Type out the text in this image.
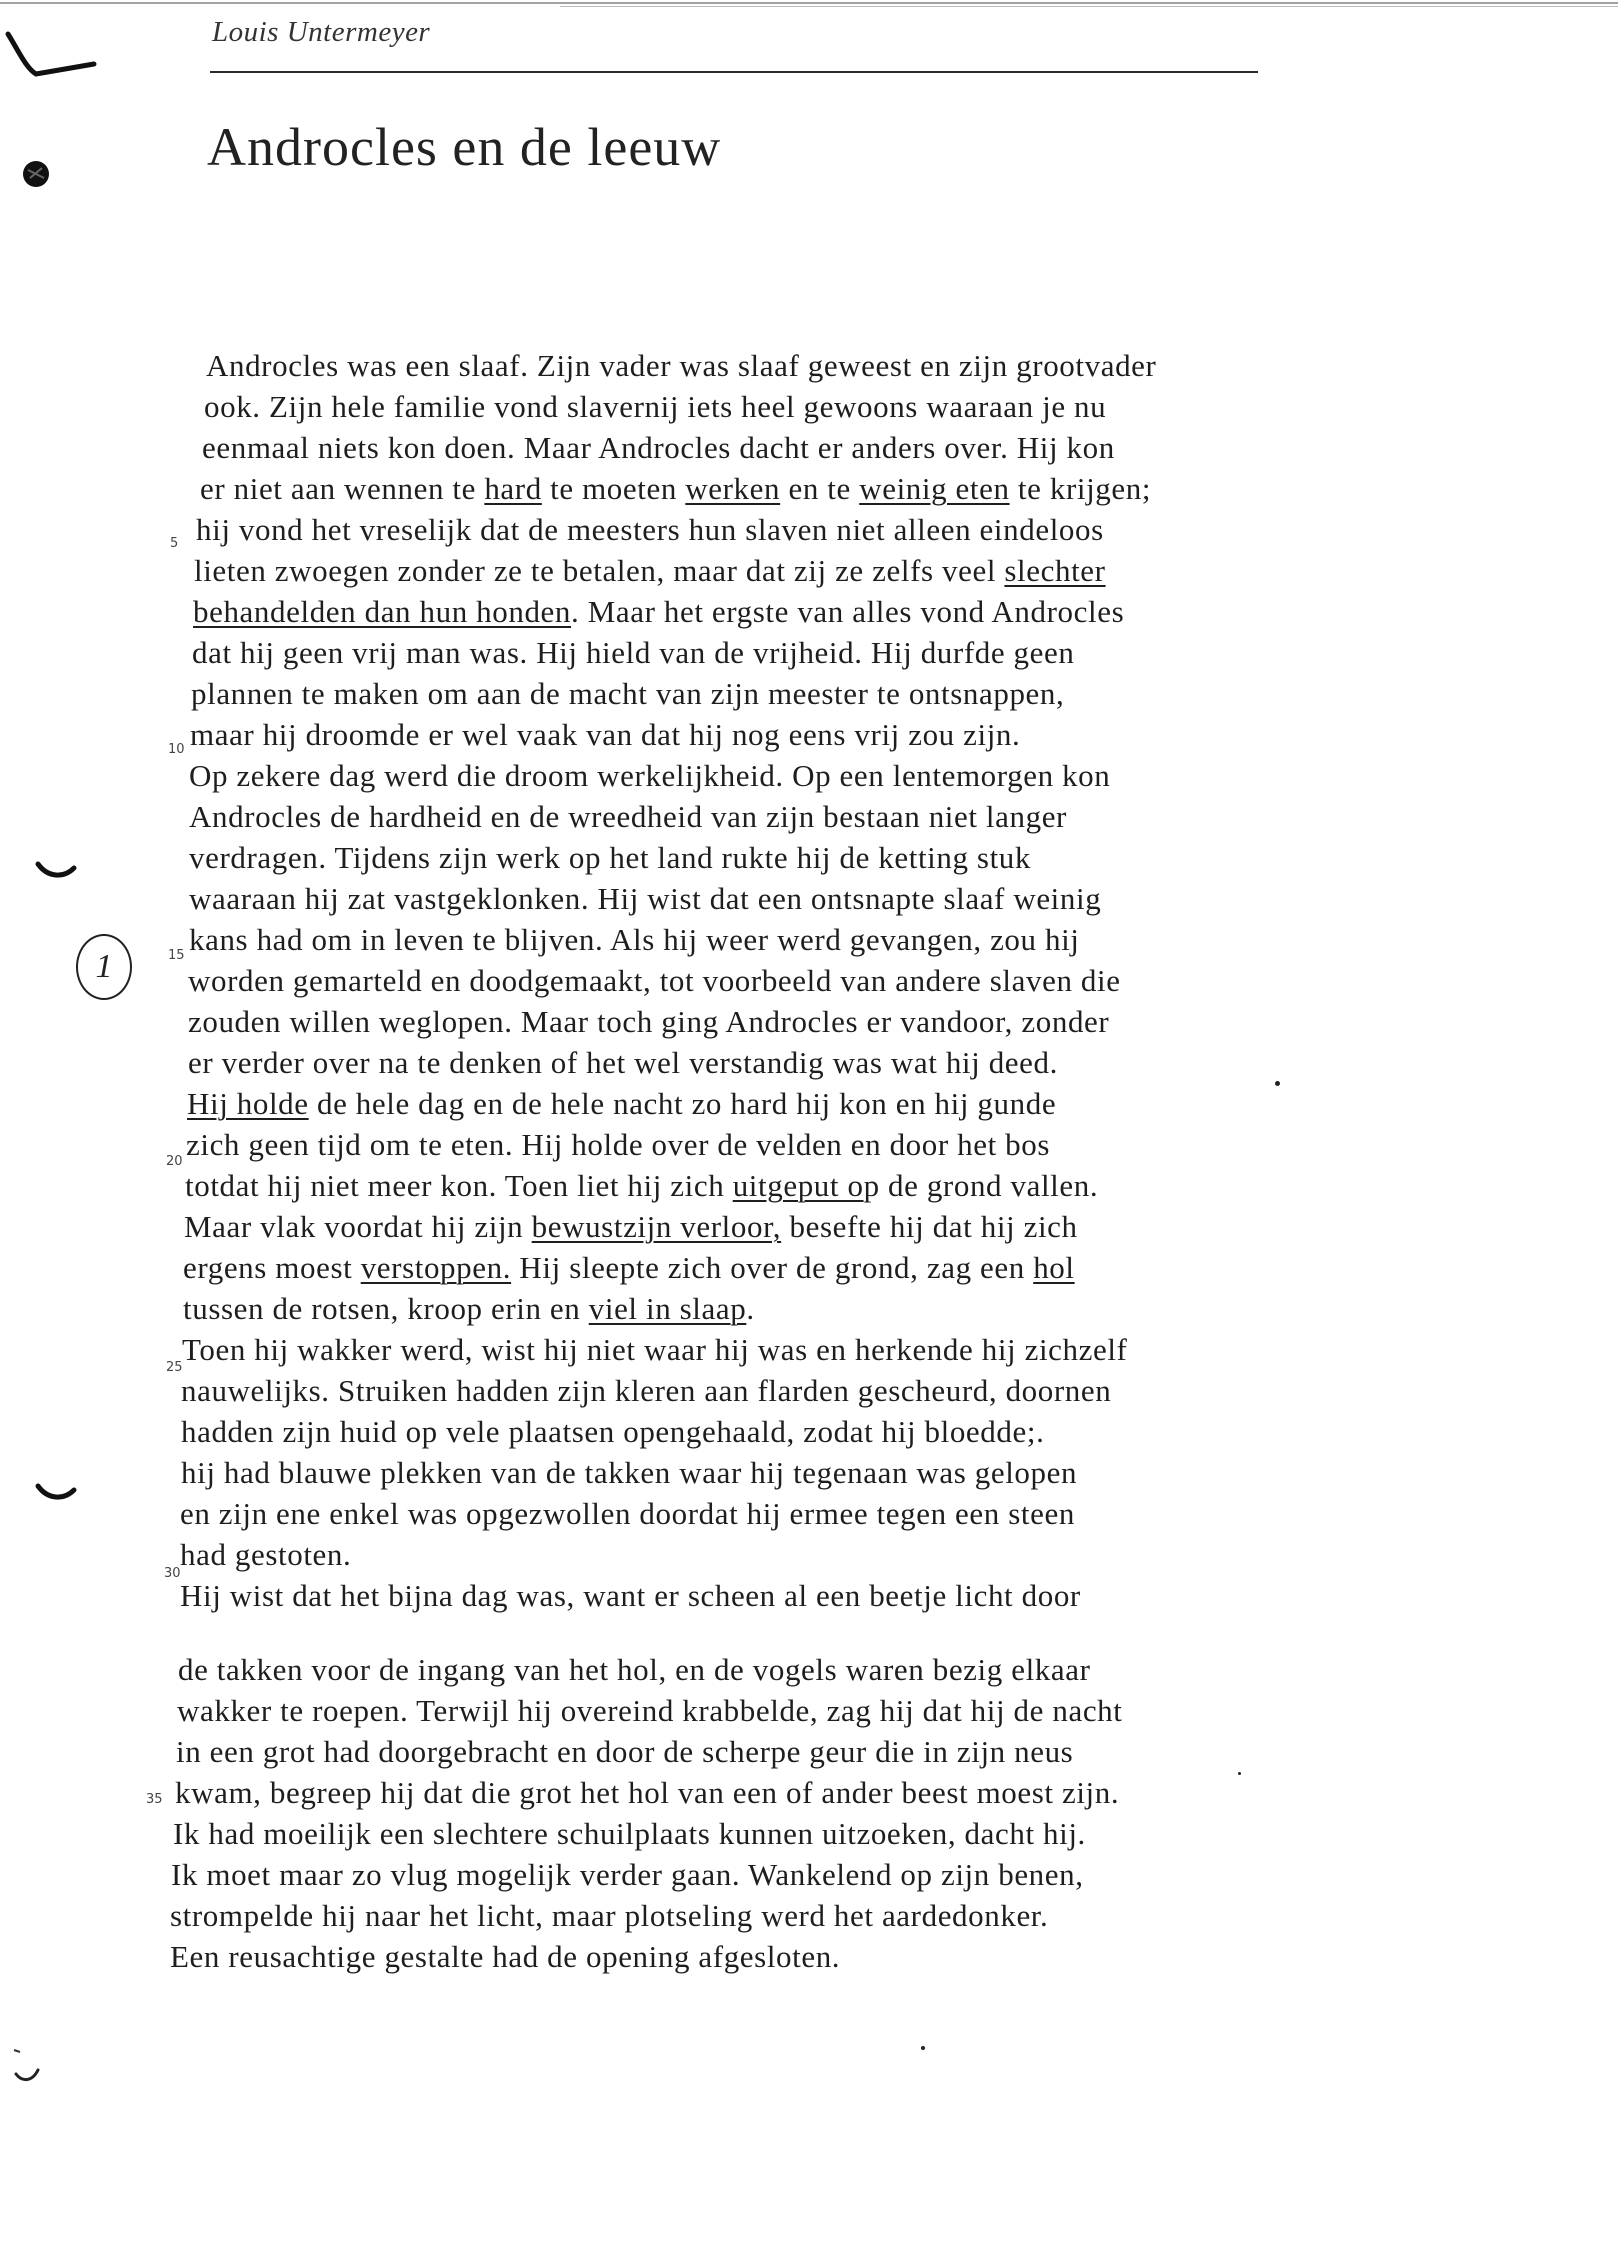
Louis Untermeyer
Androcles en de leeuw
1
5
10
15
20
25
30
35
Androcles was een slaaf. Zijn vader was slaaf geweest en zijn grootvader
ook. Zijn hele familie vond slavernij iets heel gewoons waaraan je nu
eenmaal niets kon doen. Maar Androcles dacht er anders over. Hij kon
er niet aan wennen te hard te moeten werken en te weinig eten te krijgen;
hij vond het vreselijk dat de meesters hun slaven niet alleen eindeloos
lieten zwoegen zonder ze te betalen, maar dat zij ze zelfs veel slechter
behandelden dan hun honden. Maar het ergste van alles vond Androcles
dat hij geen vrij man was. Hij hield van de vrijheid. Hij durfde geen
plannen te maken om aan de macht van zijn meester te ontsnappen,
maar hij droomde er wel vaak van dat hij nog eens vrij zou zijn.
Op zekere dag werd die droom werkelijkheid. Op een lentemorgen kon
Androcles de hardheid en de wreedheid van zijn bestaan niet langer
verdragen. Tijdens zijn werk op het land rukte hij de ketting stuk
waaraan hij zat vastgeklonken. Hij wist dat een ontsnapte slaaf weinig
kans had om in leven te blijven. Als hij weer werd gevangen, zou hij
worden gemarteld en doodgemaakt, tot voorbeeld van andere slaven die
zouden willen weglopen. Maar toch ging Androcles er vandoor, zonder
er verder over na te denken of het wel verstandig was wat hij deed.
Hij holde de hele dag en de hele nacht zo hard hij kon en hij gunde
zich geen tijd om te eten. Hij holde over de velden en door het bos
totdat hij niet meer kon. Toen liet hij zich uitgeput op de grond vallen.
Maar vlak voordat hij zijn bewustzijn verloor, besefte hij dat hij zich
ergens moest verstoppen. Hij sleepte zich over de grond, zag een hol
tussen de rotsen, kroop erin en viel in slaap.
Toen hij wakker werd, wist hij niet waar hij was en herkende hij zichzelf
nauwelijks. Struiken hadden zijn kleren aan flarden gescheurd, doornen
hadden zijn huid op vele plaatsen opengehaald, zodat hij bloedde;.
hij had blauwe plekken van de takken waar hij tegenaan was gelopen
en zijn ene enkel was opgezwollen doordat hij ermee tegen een steen
had gestoten.
Hij wist dat het bijna dag was, want er scheen al een beetje licht door
de takken voor de ingang van het hol, en de vogels waren bezig elkaar
wakker te roepen. Terwijl hij overeind krabbelde, zag hij dat hij de nacht
in een grot had doorgebracht en door de scherpe geur die in zijn neus
kwam, begreep hij dat die grot het hol van een of ander beest moest zijn.
Ik had moeilijk een slechtere schuilplaats kunnen uitzoeken, dacht hij.
Ik moet maar zo vlug mogelijk verder gaan. Wankelend op zijn benen,
strompelde hij naar het licht, maar plotseling werd het aardedonker.
Een reusachtige gestalte had de opening afgesloten.
